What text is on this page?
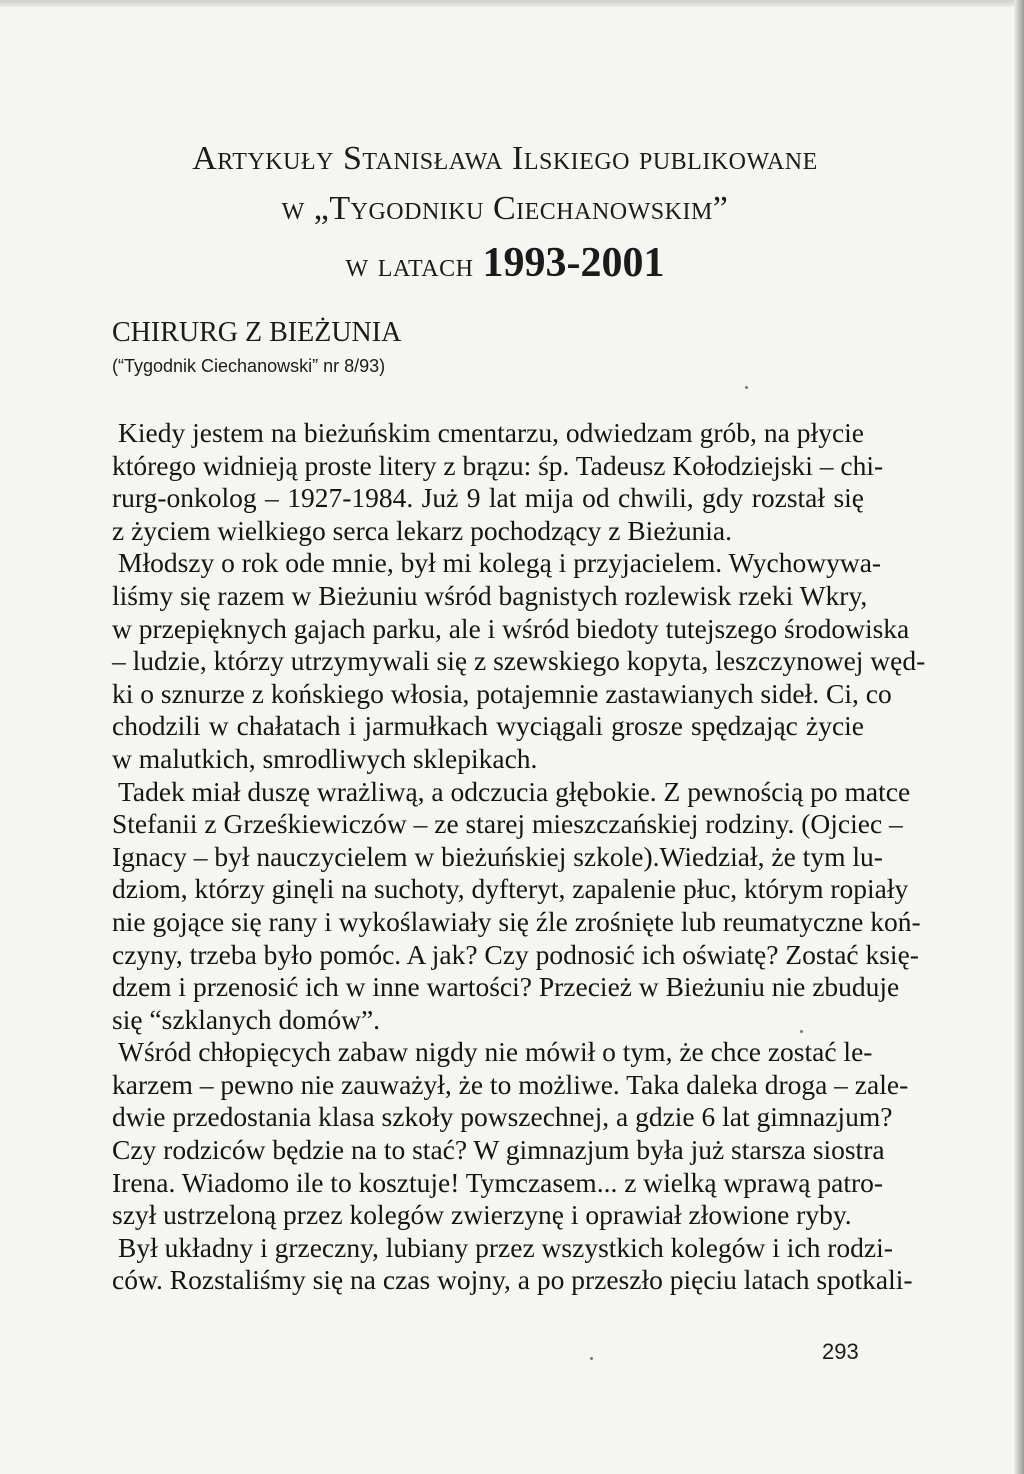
Artykuły Stanisława Ilskiego publikowane
w „Tygodniku Ciechanowskim”
w latach 1993-2001
CHIRURG Z BIEŻUNIA
(“Tygodnik Ciechanowski” nr 8/93)
Kiedy jestem na bieżuńskim cmentarzu, odwiedzam grób, na płycie
którego widnieją proste litery z brązu: śp. Tadeusz Kołodziejski – chi-
rurg-onkolog – 1927-1984. Już 9 lat mija od chwili, gdy rozstał się
z życiem wielkiego serca lekarz pochodzący z Bieżunia.
Młodszy o rok ode mnie, był mi kolegą i przyjacielem. Wychowywa-
liśmy się razem w Bieżuniu wśród bagnistych rozlewisk rzeki Wkry,
w przepięknych gajach parku, ale i wśród biedoty tutejszego środowiska
– ludzie, którzy utrzymywali się z szewskiego kopyta, leszczynowej węd-
ki o sznurze z końskiego włosia, potajemnie zastawianych sideł. Ci, co
chodzili w chałatach i jarmułkach wyciągali grosze spędzając życie
w malutkich, smrodliwych sklepikach.
Tadek miał duszę wrażliwą, a odczucia głębokie. Z pewnością po matce
Stefanii z Grześkiewiczów – ze starej mieszczańskiej rodziny. (Ojciec –
Ignacy – był nauczycielem w bieżuńskiej szkole).Wiedział, że tym lu-
dziom, którzy ginęli na suchoty, dyfteryt, zapalenie płuc, którym ropiały
nie gojące się rany i wykoślawiały się źle zrośnięte lub reumatyczne koń-
czyny, trzeba było pomóc. A jak? Czy podnosić ich oświatę? Zostać księ-
dzem i przenosić ich w inne wartości? Przecież w Bieżuniu nie zbuduje
się “szklanych domów”.
Wśród chłopięcych zabaw nigdy nie mówił o tym, że chce zostać le-
karzem – pewno nie zauważył, że to możliwe. Taka daleka droga – zale-
dwie przedostania klasa szkoły powszechnej, a gdzie 6 lat gimnazjum?
Czy rodziców będzie na to stać? W gimnazjum była już starsza siostra
Irena. Wiadomo ile to kosztuje! Tymczasem... z wielką wprawą patro-
szył ustrzeloną przez kolegów zwierzynę i oprawiał złowione ryby.
Był układny i grzeczny, lubiany przez wszystkich kolegów i ich rodzi-
ców. Rozstaliśmy się na czas wojny, a po przeszło pięciu latach spotkali-
293
